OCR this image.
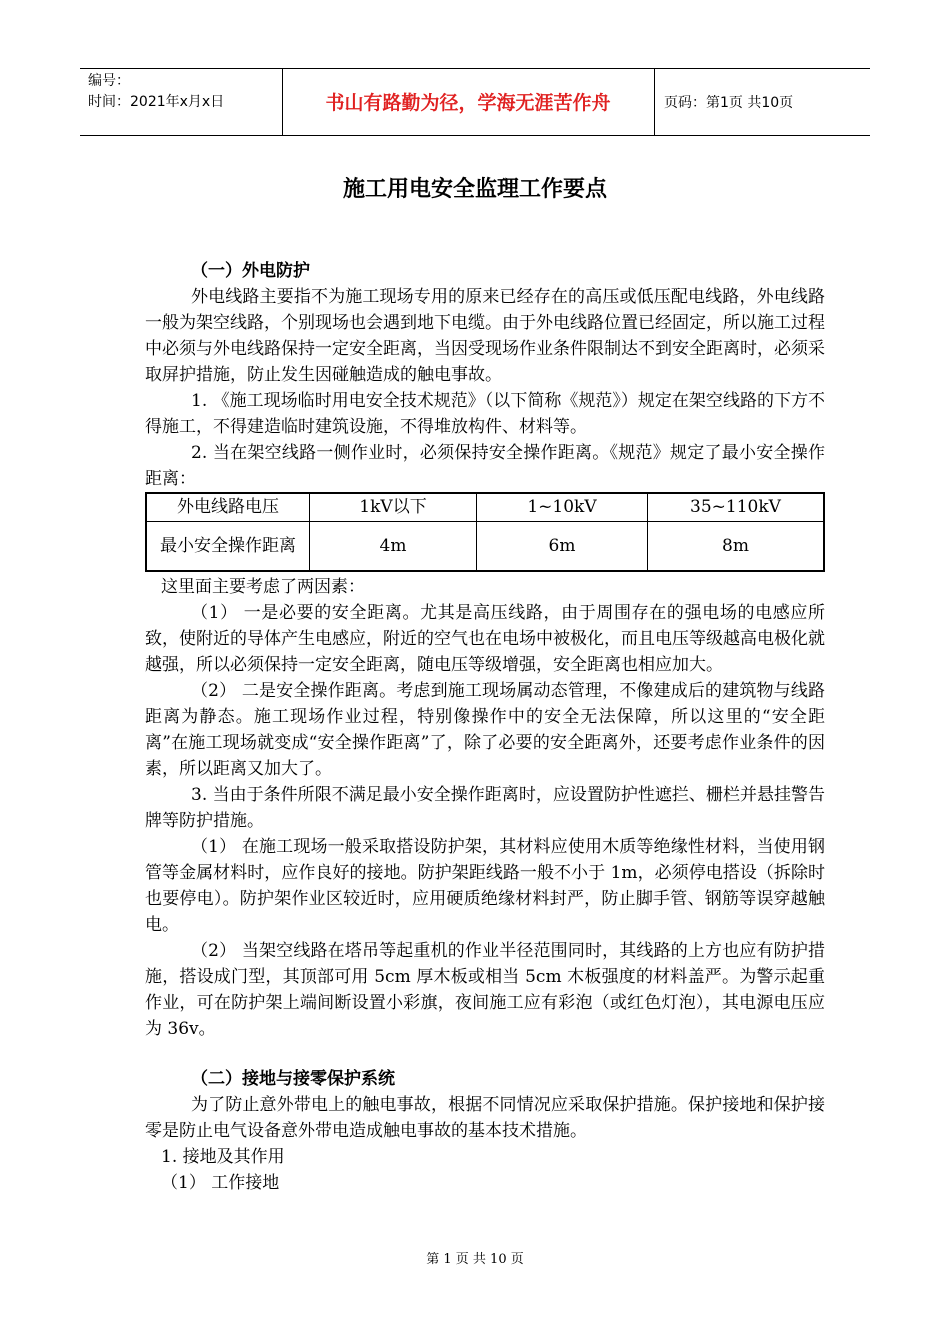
编号：
时间：2021年x月x日	书山有路勤为径，学海无涯苦作舟	页码：第1页 共10页
施工用电安全监理工作要点

（一）外电防护

外电线路主要指不为施工现场专用的原来已经存在的高压或低压配电线路，外电线路一般为架空线路，个别现场也会遇到地下电缆。由于外电线路位置已经固定，所以施工过程中必须与外电线路保持一定安全距离，当因受现场作业条件限制达不到安全距离时，必须采取屏护措施，防止发生因碰触造成的触电事故。

1. 《施工现场临时用电安全技术规范》（以下简称《规范》）规定在架空线路的下方不得施工，不得建造临时建筑设施，不得堆放构件、材料等。

2. 当在架空线路一侧作业时，必须保持安全操作距离。《规范》规定了最小安全操作距离：

外电线路电压	1kV以下	1~10kV	35~110kV
最小安全操作距离	4m	6m	8m

这里面主要考虑了两因素：

（1） 一是必要的安全距离。尤其是高压线路，由于周围存在的强电场的电感应所致，使附近的导体产生电感应，附近的空气也在电场中被极化，而且电压等级越高电极化就越强，所以必须保持一定安全距离，随电压等级增强，安全距离也相应加大。

（2） 二是安全操作距离。考虑到施工现场属动态管理，不像建成后的建筑物与线路距离为静态。施工现场作业过程，特别像操作中的安全无法保障，所以这里的“安全距离”在施工现场就变成“安全操作距离”了，除了必要的安全距离外，还要考虑作业条件的因素，所以距离又加大了。

3. 当由于条件所限不满足最小安全操作距离时，应设置防护性遮拦、栅栏并悬挂警告牌等防护措施。

（1） 在施工现场一般采取搭设防护架，其材料应使用木质等绝缘性材料，当使用钢管等金属材料时，应作良好的接地。防护架距线路一般不小于 1m，必须停电搭设（拆除时也要停电）。防护架作业区较近时，应用硬质绝缘材料封严，防止脚手管、钢筋等误穿越触电。

（2） 当架空线路在塔吊等起重机的作业半径范围同时，其线路的上方也应有防护措施，搭设成门型，其顶部可用 5cm 厚木板或相当 5cm 木板强度的材料盖严。为警示起重作业，可在防护架上端间断设置小彩旗，夜间施工应有彩泡（或红色灯泡），其电源电压应为 36v。

（二）接地与接零保护系统

为了防止意外带电上的触电事故，根据不同情况应采取保护措施。保护接地和保护接零是防止电气设备意外带电造成触电事故的基本技术措施。

1. 接地及其作用

（1） 工作接地

第 1 页 共 10 页
